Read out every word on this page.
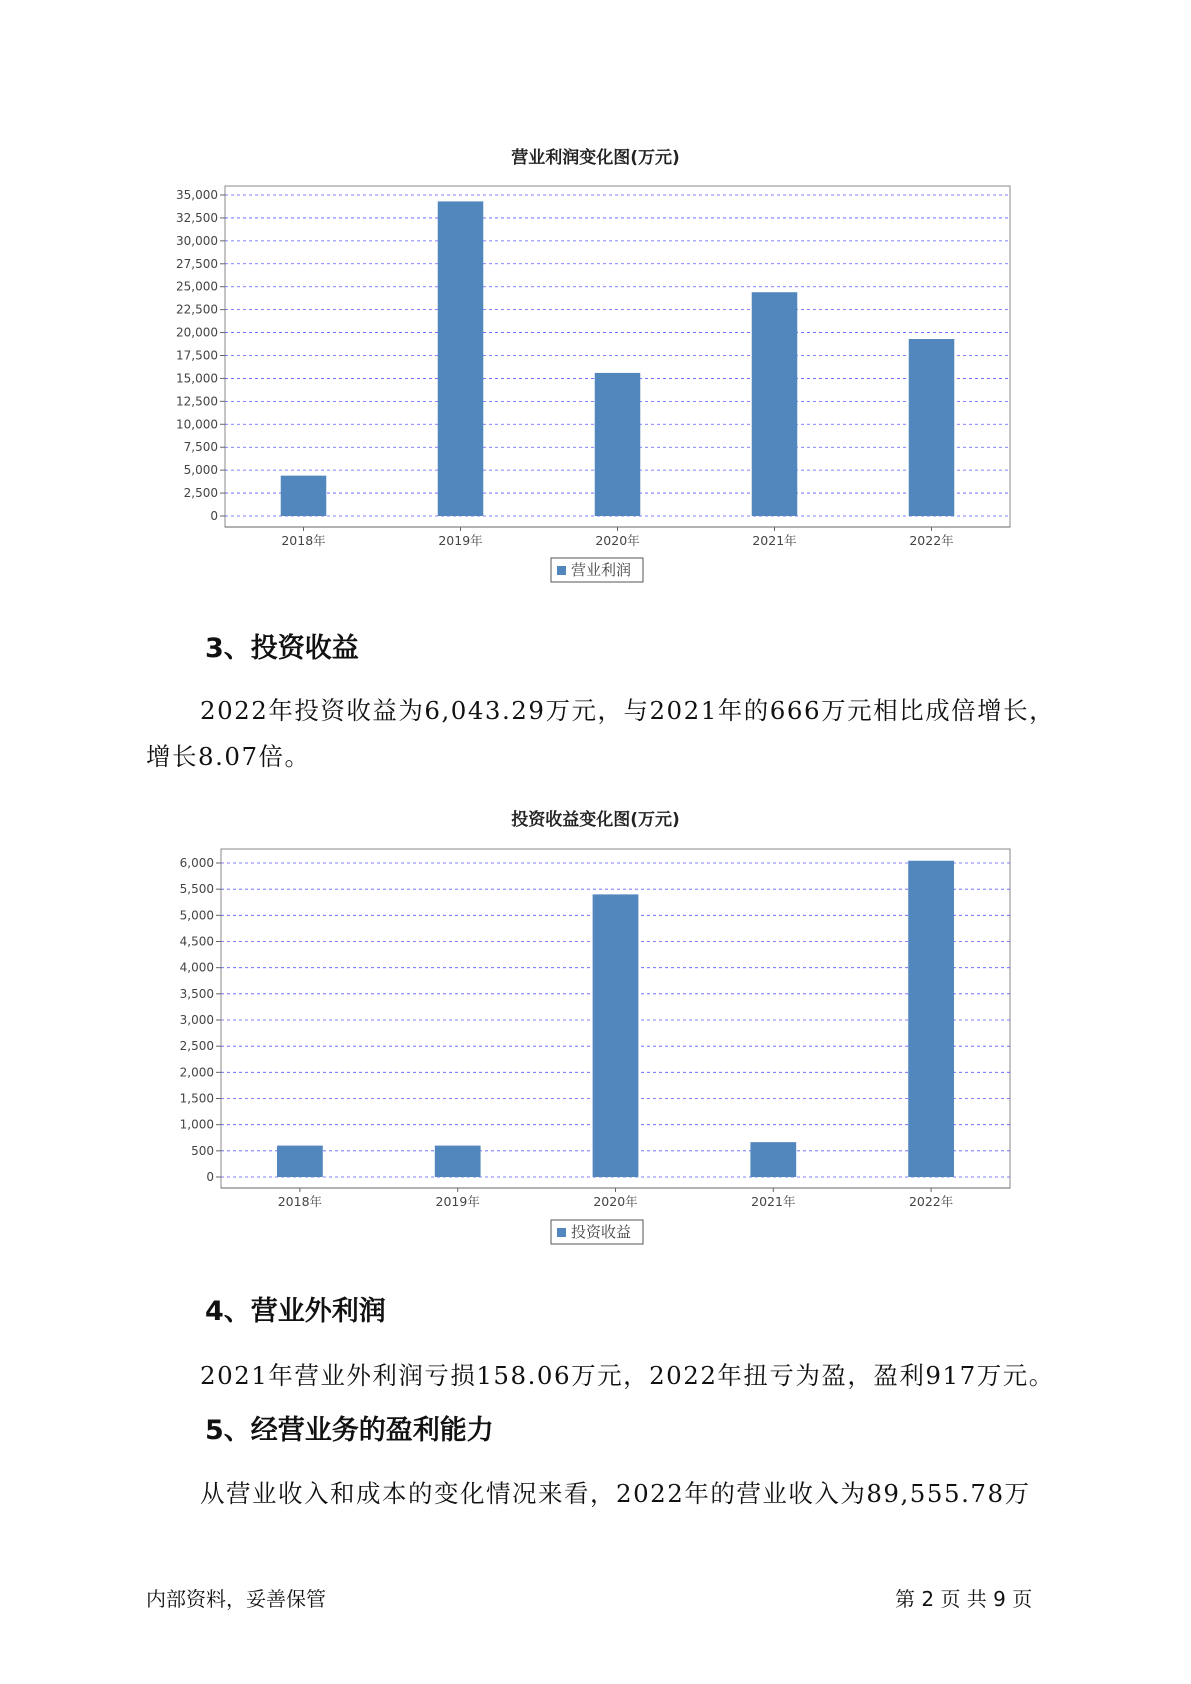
营业利润变化图(万元)
0
2,500
5,000
7,500
10,000
12,500
15,000
17,500
20,000
22,500
25,000
27,500
30,000
32,500
35,000
2018年	2019年	2020年	2021年	2022年
营业利润
3、投资收益
2022年投资收益为6,043.29万元，与2021年的666万元相比成倍增长，
增长8.07倍。
投资收益变化图(万元)
0
500
1,000
1,500
2,000
2,500
3,000
3,500
4,000
4,500
5,000
5,500
6,000
2018年	2019年	2020年	2021年	2022年
投资收益
4、营业外利润
2021年营业外利润亏损158.06万元，2022年扭亏为盈，盈利917万元。
5、经营业务的盈利能力
从营业收入和成本的变化情况来看，2022年的营业收入为89,555.78万
内部资料，妥善保管	第 2 页 共 9 页
